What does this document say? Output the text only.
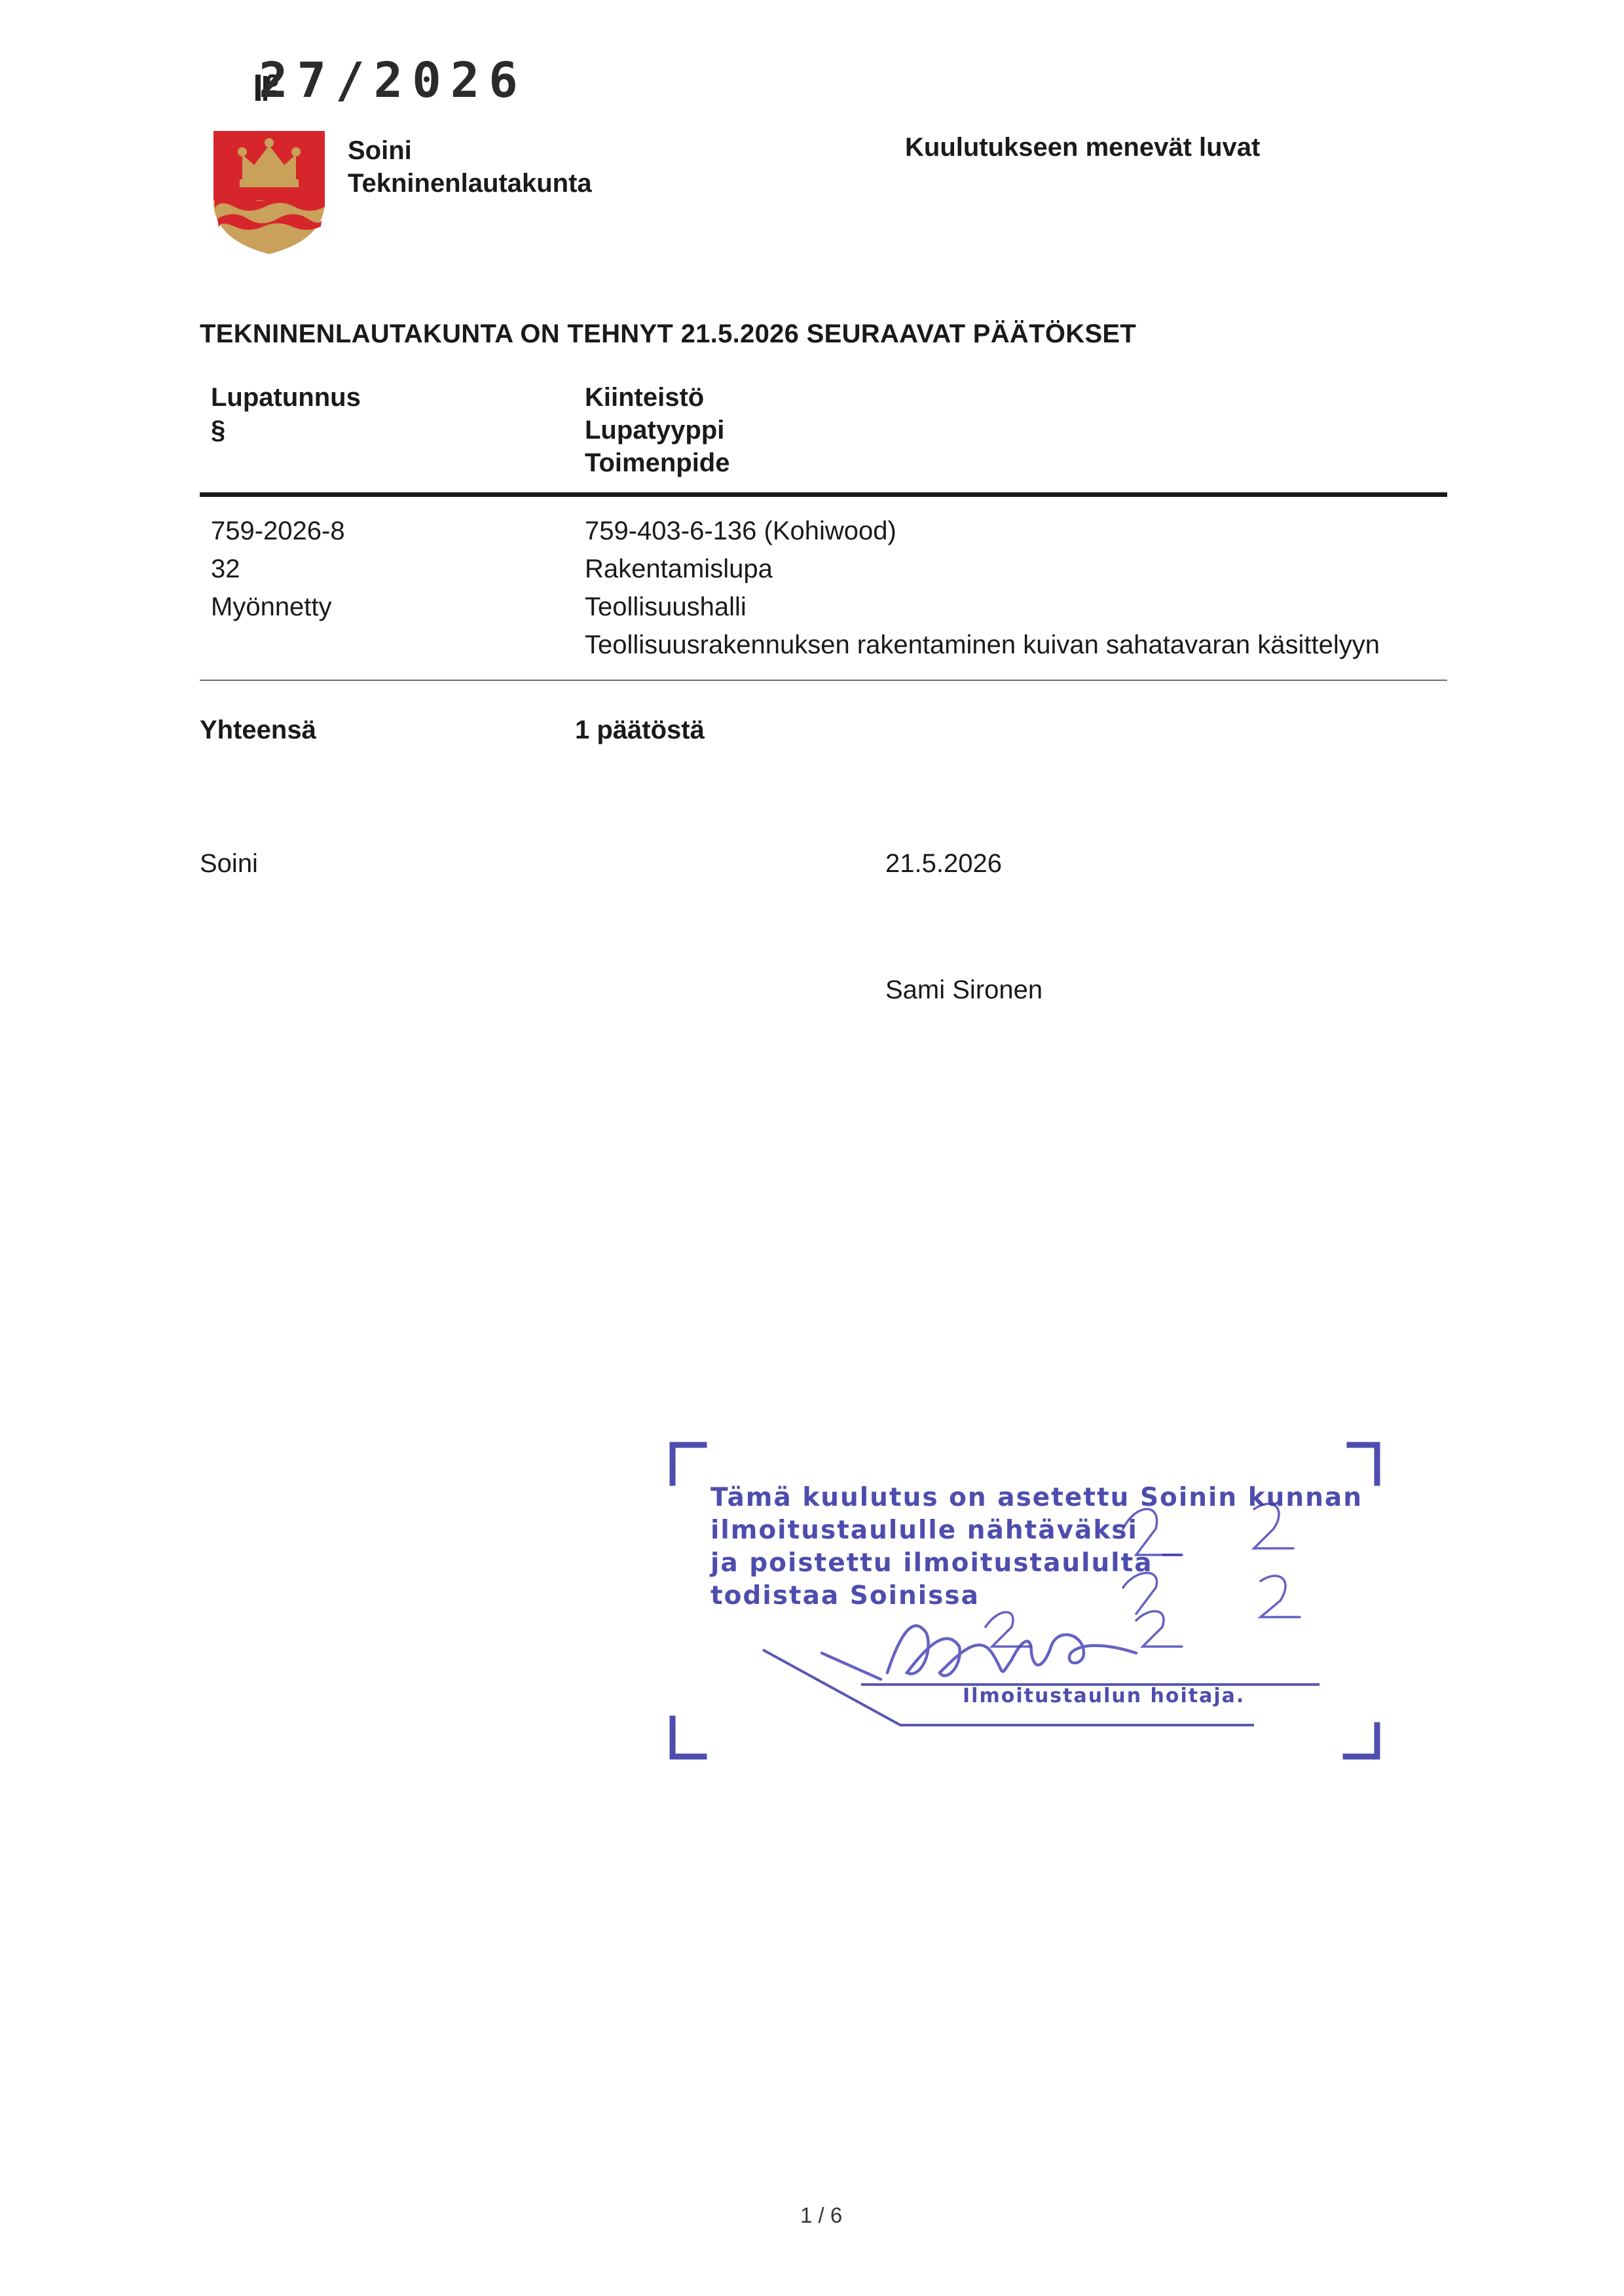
27/2026
Soini
Tekninenlautakunta
Kuulutukseen menevät luvat
TEKNINENLAUTAKUNTA ON TEHNYT 21.5.2026 SEURAAVAT PÄÄTÖKSET
Lupatunnus
§
Kiinteistö
Lupatyyppi
Toimenpide
759-2026-8
32
Myönnetty
759-403-6-136 (Kohiwood)
Rakentamislupa
Teollisuushalli
Teollisuusrakennuksen rakentaminen kuivan sahatavaran käsittelyyn
Yhteensä	1 päätöstä
Soini	21.5.2026
Sami Sironen
Tämä kuulutus on asetettu Soinin kunnan
ilmoitustaululle nähtäväksi
ja poistettu ilmoitustaululta
todistaa Soinissa
Ilmoitustaulun hoitaja.
1 / 6
